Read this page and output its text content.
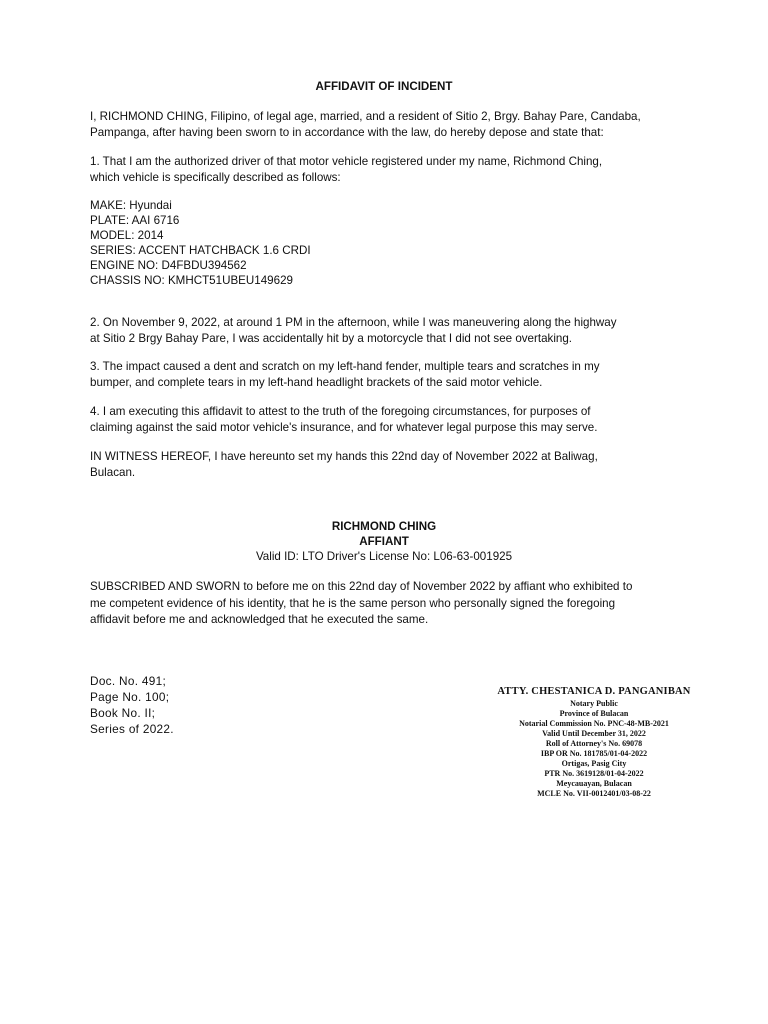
AFFIDAVIT OF INCIDENT
I, RICHMOND CHING, Filipino, of legal age, married, and a resident of Sitio 2, Brgy. Bahay Pare, Candaba,
Pampanga, after having been sworn to in accordance with the law, do hereby depose and state that:
1. That I am the authorized driver of that motor vehicle registered under my name, Richmond Ching,
which vehicle is specifically described as follows:
MAKE: Hyundai
PLATE: AAI 6716
MODEL: 2014
SERIES: ACCENT HATCHBACK 1.6 CRDI
ENGINE NO: D4FBDU394562
CHASSIS NO: KMHCT51UBEU149629
2. On November 9, 2022, at around 1 PM in the afternoon, while I was maneuvering along the highway
at Sitio 2 Brgy Bahay Pare, I was accidentally hit by a motorcycle that I did not see overtaking.
3. The impact caused a dent and scratch on my left-hand fender, multiple tears and scratches in my
bumper, and complete tears in my left-hand headlight brackets of the said motor vehicle.
4. I am executing this affidavit to attest to the truth of the foregoing circumstances, for purposes of
claiming against the said motor vehicle's insurance, and for whatever legal purpose this may serve.
IN WITNESS HEREOF, I have hereunto set my hands this 22nd day of November 2022 at Baliwag,
Bulacan.
RICHMOND CHING
AFFIANT
Valid ID: LTO Driver's License No: L06-63-001925
SUBSCRIBED AND SWORN to before me on this 22nd day of November 2022 by affiant who exhibited to
me competent evidence of his identity, that he is the same person who personally signed the foregoing
affidavit before me and acknowledged that he executed the same.
Doc. No. 491;
Page No. 100;
Book No. II;
Series of 2022.
ATTY. CHESTANICA D. PANGANIBAN
Notary Public
Province of Bulacan
Notarial Commission No. PNC-48-MB-2021
Valid Until December 31, 2022
Roll of Attorney's No. 69078
IBP OR No. 181785/01-04-2022
Ortigas, Pasig City
PTR No. 3619128/01-04-2022
Meycauayan, Bulacan
MCLE No. VII-0012401/03-08-22
